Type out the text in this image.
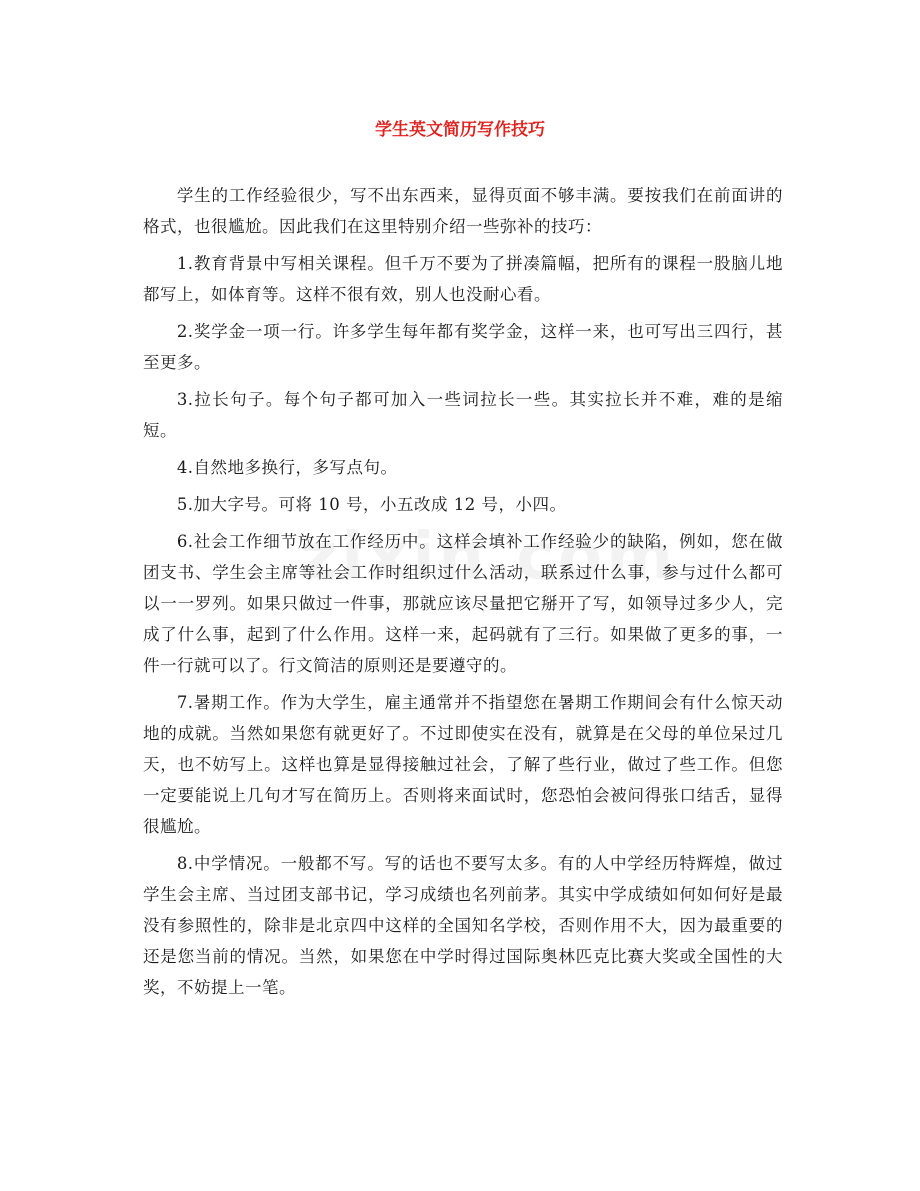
学生英文简历写作技巧

学生的工作经验很少，写不出东西来，显得页面不够丰满。要按我们在前面讲的格式，也很尴尬。因此我们在这里特别介绍一些弥补的技巧：

1.教育背景中写相关课程。但千万不要为了拼凑篇幅，把所有的课程一股脑儿地都写上，如体育等。这样不很有效，别人也没耐心看。

2.奖学金一项一行。许多学生每年都有奖学金，这样一来，也可写出三四行，甚至更多。

3.拉长句子。每个句子都可加入一些词拉长一些。其实拉长并不难，难的是缩短。

4.自然地多换行，多写点句。

5.加大字号。可将 10 号，小五改成 12 号，小四。

6.社会工作细节放在工作经历中。这样会填补工作经验少的缺陷，例如，您在做团支书、学生会主席等社会工作时组织过什么活动，联系过什么事，参与过什么都可以一一罗列。如果只做过一件事，那就应该尽量把它掰开了写，如领导过多少人，完成了什么事，起到了什么作用。这样一来，起码就有了三行。如果做了更多的事，一件一行就可以了。行文简洁的原则还是要遵守的。

7.暑期工作。作为大学生，雇主通常并不指望您在暑期工作期间会有什么惊天动地的成就。当然如果您有就更好了。不过即使实在没有，就算是在父母的单位呆过几天，也不妨写上。这样也算是显得接触过社会，了解了些行业，做过了些工作。但您一定要能说上几句才写在简历上。否则将来面试时，您恐怕会被问得张口结舌，显得很尴尬。

8.中学情况。一般都不写。写的话也不要写太多。有的人中学经历特辉煌，做过学生会主席、当过团支部书记，学习成绩也名列前茅。其实中学成绩如何如何好是最没有参照性的，除非是北京四中这样的全国知名学校，否则作用不大，因为最重要的还是您当前的情况。当然，如果您在中学时得过国际奥林匹克比赛大奖或全国性的大奖，不妨提上一笔。
